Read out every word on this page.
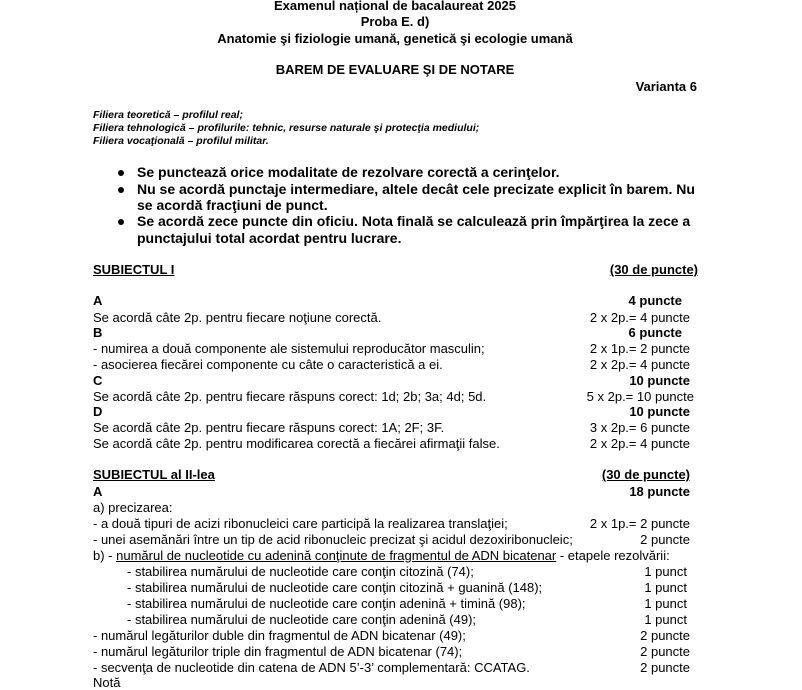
Examenul național de bacalaureat 2025
Proba E. d)
Anatomie şi fiziologie umană, genetică şi ecologie umană
BAREM DE EVALUARE ŞI DE NOTARE
Varianta 6
Filiera teoretică – profilul real;
Filiera tehnologică – profilurile: tehnic, resurse naturale şi protecţia mediului;
Filiera vocaţională – profilul militar.
Se punctează orice modalitate de rezolvare corectă a cerinţelor.
Nu se acordă punctaje intermediare, altele decât cele precizate explicit în barem. Nu
se acordă fracţiuni de punct.
Se acordă zece puncte din oficiu. Nota finală se calculează prin împărţirea la zece a
punctajului total acordat pentru lucrare.
SUBIECTUL I	(30 de puncte)
A	4 puncte
Se acordă câte 2p. pentru fiecare noţiune corectă.	2 x 2p.= 4 puncte
B	6 puncte
- numirea a două componente ale sistemului reproducător masculin;	2 x 1p.= 2 puncte
- asocierea fiecărei componente cu câte o caracteristică a ei.	2 x 2p.= 4 puncte
C	10 puncte
Se acordă câte 2p. pentru fiecare răspuns corect: 1d; 2b; 3a; 4d; 5d.	5 x 2p.= 10 puncte
D	10 puncte
Se acordă câte 2p. pentru fiecare răspuns corect: 1A; 2F; 3F.	3 x 2p.= 6 puncte
Se acordă câte 2p. pentru modificarea corectă a fiecărei afirmaţii false.	2 x 2p.= 4 puncte
SUBIECTUL al II-lea	(30 de puncte)
A	18 puncte
a) precizarea:
- a două tipuri de acizi ribonucleici care participă la realizarea translaţiei;	2 x 1p.= 2 puncte
- unei asemănări între un tip de acid ribonucleic precizat şi acidul dezoxiribonucleic;	2 puncte
b) - numărul de nucleotide cu adenină conţinute de fragmentul de ADN bicatenar - etapele rezolvării:
- stabilirea numărului de nucleotide care conţin citozină (74);	1 punct
- stabilirea numărului de nucleotide care conţin citozină + guanină (148);	1 punct
- stabilirea numărului de nucleotide care conţin adenină + timină (98);	1 punct
- stabilirea numărului de nucleotide care conţin adenină (49);	1 punct
- numărul legăturilor duble din fragmentul de ADN bicatenar (49);	2 puncte
- numărul legăturilor triple din fragmentul de ADN bicatenar (74);	2 puncte
- secvenţa de nucleotide din catena de ADN 5’-3’ complementară: CCATAG.	2 puncte
Notă
